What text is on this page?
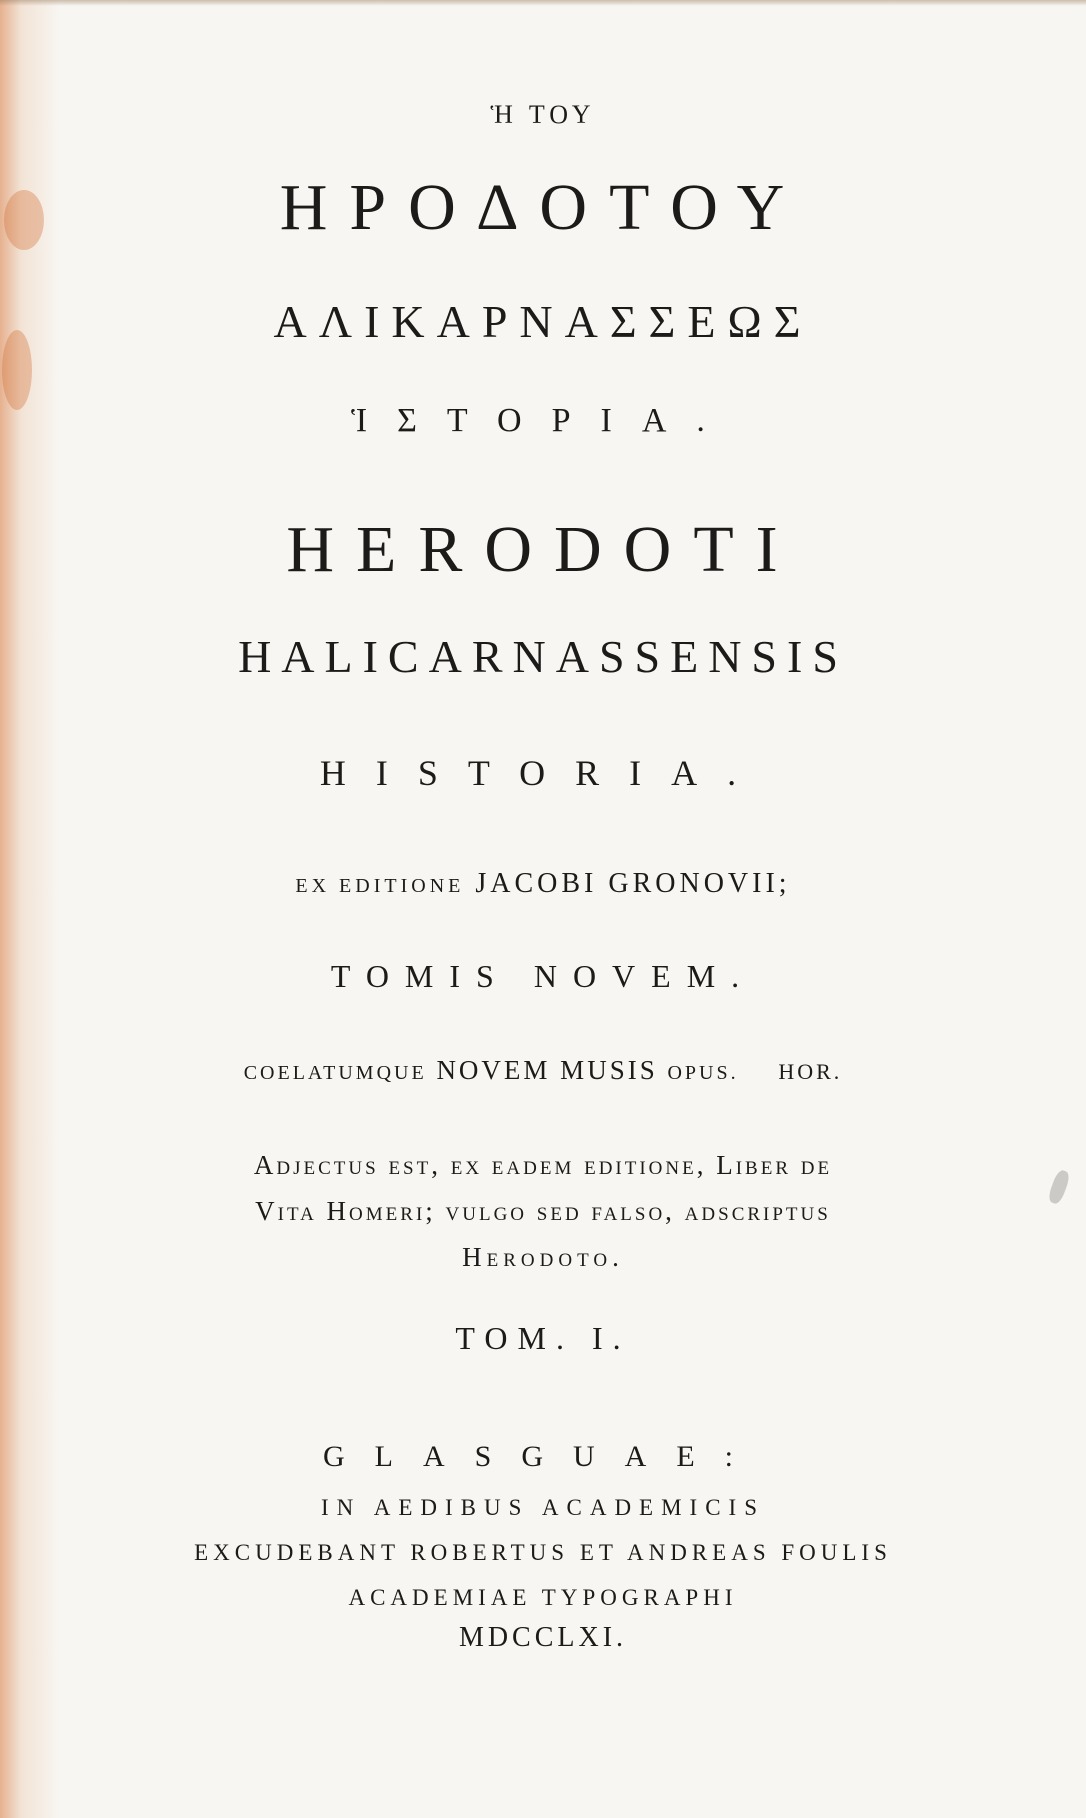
Ἡ ΤΟΥ
ΗΡΟΔΟΤΟΥ
ΑΛΙΚΑΡΝΑΣΣΕΩΣ
ἹΣΤΟΡΙΑ.
HERODOTI
HALICARNASSENSIS
HISTORIA.
EX EDITIONE JACOBI GRONOVII;
TOMIS NOVEM.
COELATUMQUE NOVEM MUSIS OPUS. HOR.
Adjectus est, ex eadem editione, Liber de
Vita Homeri; vulgo sed falso, adscriptus
Herodoto.
TOM. I.
GLASGUAE:
IN AEDIBUS ACADEMICIS
EXCUDEBANT ROBERTUS ET ANDREAS FOULIS
ACADEMIAE TYPOGRAPHI
MDCCLXI.
